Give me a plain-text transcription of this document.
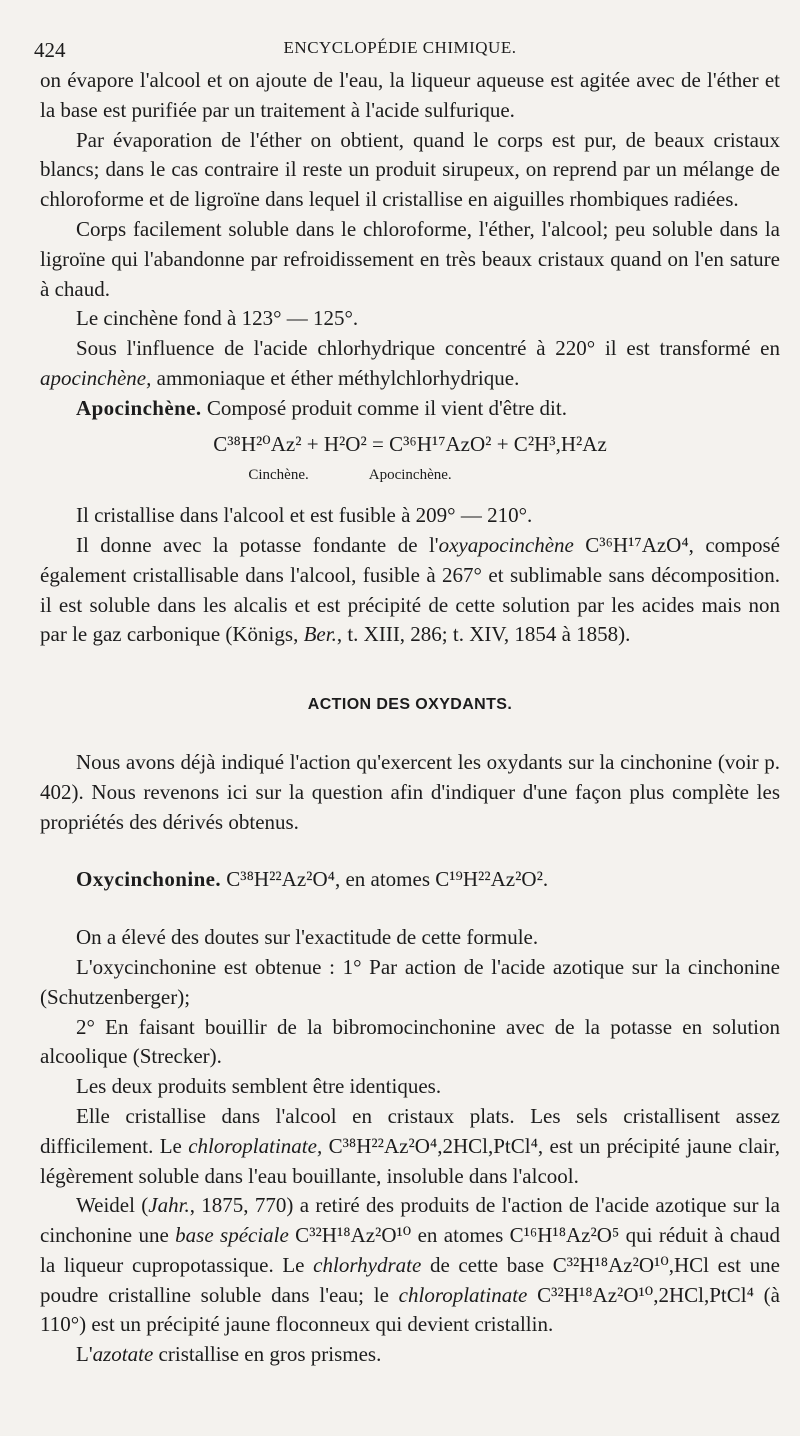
424	ENCYCLOPÉDIE CHIMIQUE.

on évapore l'alcool et on ajoute de l'eau, la liqueur aqueuse est agitée avec de l'éther et la base est purifiée par un traitement à l'acide sulfurique.

Par évaporation de l'éther on obtient, quand le corps est pur, de beaux cristaux blancs; dans le cas contraire il reste un produit sirupeux, on reprend par un mélange de chloroforme et de ligroïne dans lequel il cristallise en aiguilles rhombiques radiées.

Corps facilement soluble dans le chloroforme, l'éther, l'alcool; peu soluble dans la ligroïne qui l'abandonne par refroidissement en très beaux cristaux quand on l'en sature à chaud.

Le cinchène fond à 123° — 125°.

Sous l'influence de l'acide chlorhydrique concentré à 220° il est transformé en apocinchène, ammoniaque et éther méthylchlorhydrique.

Apocinchène. Composé produit comme il vient d'être dit.

C³⁸H²⁰Az² + H²O² = C³⁶H¹⁷AzO² + C²H³,H²Az
Cinchène.	Apocinchène.

Il cristallise dans l'alcool et est fusible à 209° — 210°.

Il donne avec la potasse fondante de l'oxyapocinchène C³⁶H¹⁷AzO⁴, composé également cristallisable dans l'alcool, fusible à 267° et sublimable sans décomposition. il est soluble dans les alcalis et est précipité de cette solution par les acides mais non par le gaz carbonique (Königs, Ber., t. XIII, 286; t. XIV, 1854 à 1858).

ACTION DES OXYDANTS.

Nous avons déjà indiqué l'action qu'exercent les oxydants sur la cinchonine (voir p. 402). Nous revenons ici sur la question afin d'indiquer d'une façon plus complète les propriétés des dérivés obtenus.

Oxycinchonine. C³⁸H²²Az²O⁴, en atomes C¹⁹H²²Az²O².

On a élevé des doutes sur l'exactitude de cette formule.

L'oxycinchonine est obtenue : 1° Par action de l'acide azotique sur la cinchonine (Schutzenberger);

2° En faisant bouillir de la bibromocinchonine avec de la potasse en solution alcoolique (Strecker).

Les deux produits semblent être identiques.

Elle cristallise dans l'alcool en cristaux plats. Les sels cristallisent assez difficilement. Le chloroplatinate, C³⁸H²²Az²O⁴,2HCl,PtCl⁴, est un précipité jaune clair, légèrement soluble dans l'eau bouillante, insoluble dans l'alcool.

Weidel (Jahr., 1875, 770) a retiré des produits de l'action de l'acide azotique sur la cinchonine une base spéciale C³²H¹⁸Az²O¹⁰ en atomes C¹⁶H¹⁸Az²O⁵ qui réduit à chaud la liqueur cupropotassique. Le chlorhydrate de cette base C³²H¹⁸Az²O¹⁰,HCl est une poudre cristalline soluble dans l'eau; le chloroplatinate C³²H¹⁸Az²O¹⁰,2HCl,PtCl⁴ (à 110°) est un précipité jaune floconneux qui devient cristallin.

L'azotate cristallise en gros prismes.
